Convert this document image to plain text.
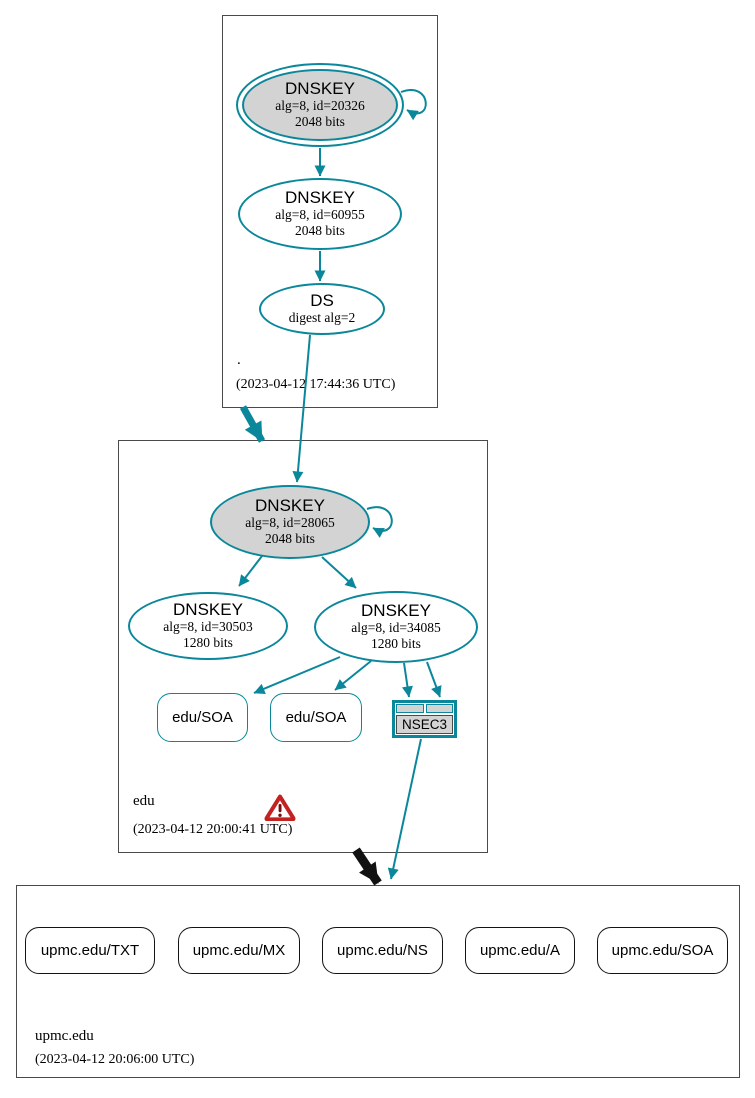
.
(2023-04-12 17:44:36 UTC)
DNSKEY
alg=8, id=20326
2048 bits
DNSKEY
alg=8, id=60955
2048 bits
DS
digest alg=2
edu
(2023-04-12 20:00:41 UTC)
DNSKEY
alg=8, id=28065
2048 bits
DNSKEY
alg=8, id=30503
1280 bits
DNSKEY
alg=8, id=34085
1280 bits
edu/SOA	edu/SOA	NSEC3
upmc.edu
(2023-04-12 20:06:00 UTC)
upmc.edu/TXT	upmc.edu/MX	upmc.edu/NS	upmc.edu/A	upmc.edu/SOA
